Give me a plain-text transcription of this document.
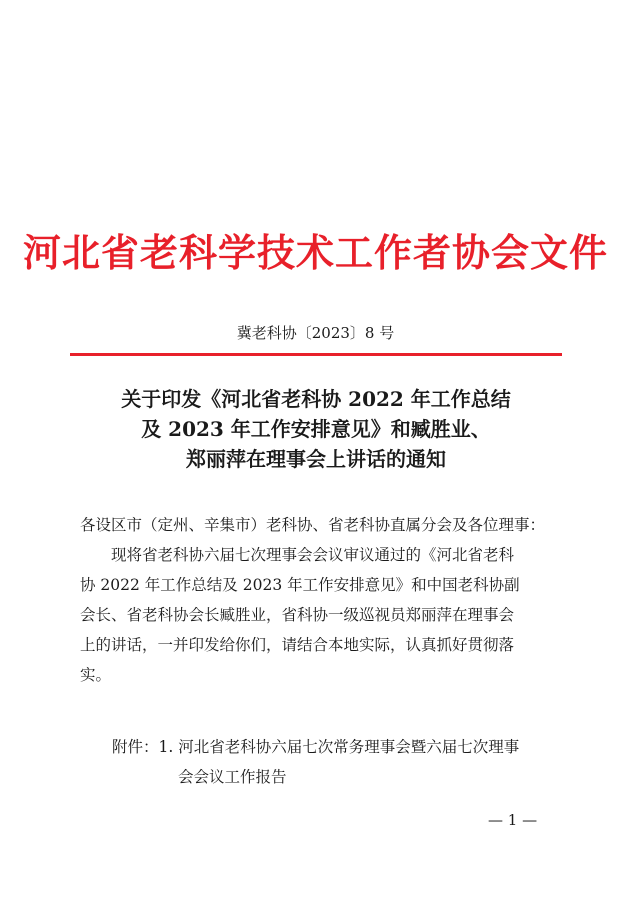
河北省老科学技术工作者协会文件
冀老科协〔2023〕8 号
关于印发《河北省老科协 2022 年工作总结
及 2023 年工作安排意见》和臧胜业、
郑丽萍在理事会上讲话的通知
各设区市（定州、辛集市）老科协、省老科协直属分会及各位理事：
现将省老科协六届七次理事会会议审议通过的《河北省老科
协 2022 年工作总结及 2023 年工作安排意见》和中国老科协副
会长、省老科协会长臧胜业，省科协一级巡视员郑丽萍在理事会
上的讲话，一并印发给你们，请结合本地实际，认真抓好贯彻落
实。
附件：1. 河北省老科协六届七次常务理事会暨六届七次理事
会会议工作报告
— 1 —
